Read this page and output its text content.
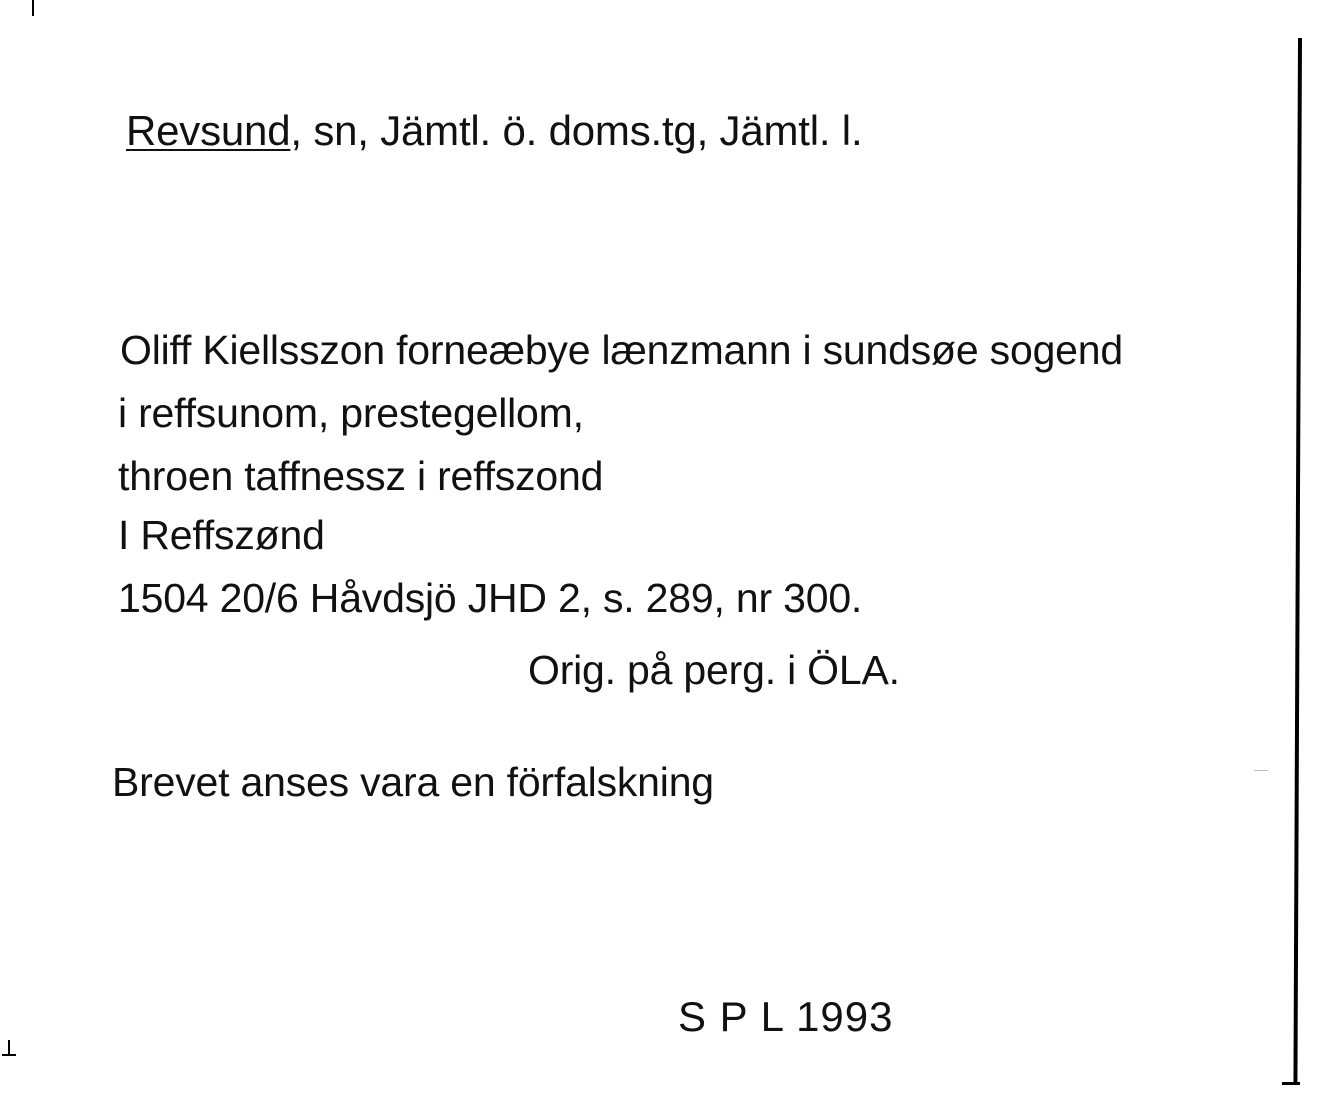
Revsund, sn, Jämtl. ö. doms.tg, Jämtl. l.
Oliff Kiellsszon forneæbye lænzmann i sundsøe sogend
i reffsunom, prestegellom,
throen taffnessz i reffszond
I Reffszønd
1504 20/6 Håvdsjö JHD 2, s. 289, nr 300.
Orig. på perg. i ÖLA.
Brevet anses vara en förfalskning
S P L 1993
